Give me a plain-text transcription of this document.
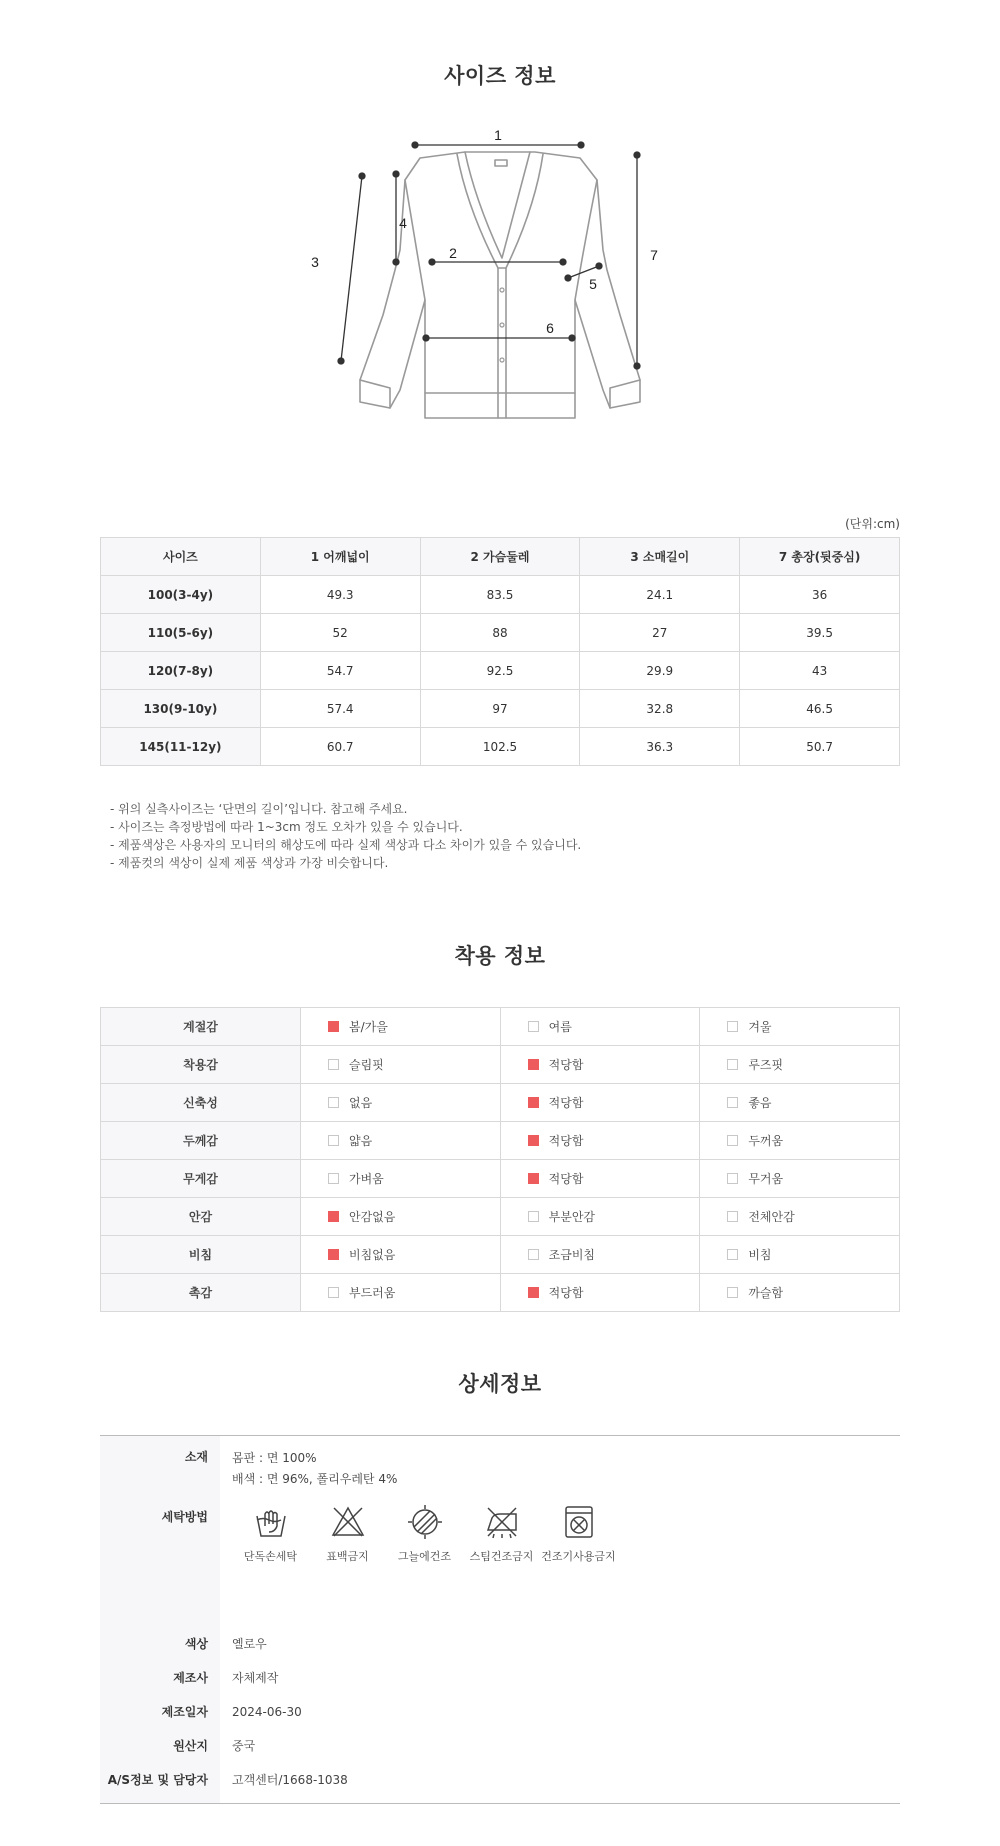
사이즈 정보
1
2
3
4
5
6
7
(단위:cm)
사이즈	1 어깨넓이	2 가슴둘레	3 소매길이	7 총장(뒷중심)
100(3-4y)	49.3	83.5	24.1	36
110(5-6y)	52	88	27	39.5
120(7-8y)	54.7	92.5	29.9	43
130(9-10y)	57.4	97	32.8	46.5
145(11-12y)	60.7	102.5	36.3	50.7
- 위의 실측사이즈는 ‘단면의 길이’입니다. 참고해 주세요.
- 사이즈는 측정방법에 따라 1~3cm 정도 오차가 있을 수 있습니다.
- 제품색상은 사용자의 모니터의 해상도에 따라 실제 색상과 다소 차이가 있을 수 있습니다.
- 제품컷의 색상이 실제 제품 색상과 가장 비슷합니다.
착용 정보
계절감	봄/가을	여름	겨울
착용감	슬림핏	적당함	루즈핏
신축성	없음	적당함	좋음
두께감	얇음	적당함	두꺼움
무게감	가벼움	적당함	무거움
안감	안감없음	부분안감	전체안감
비침	비침없음	조금비침	비침
촉감	부드러움	적당함	까슬함
상세정보
소재	몸판 : 면 100%
배색 : 면 96%, 폴리우레탄 4%
세탁방법
단독손세탁	표백금지	그늘에건조	스팀건조금지 건조기사용금지
색상	옐로우
제조사	자체제작
제조일자	2024-06-30
원산지	중국
A/S정보 및 담당자	고객센터/1668-1038
